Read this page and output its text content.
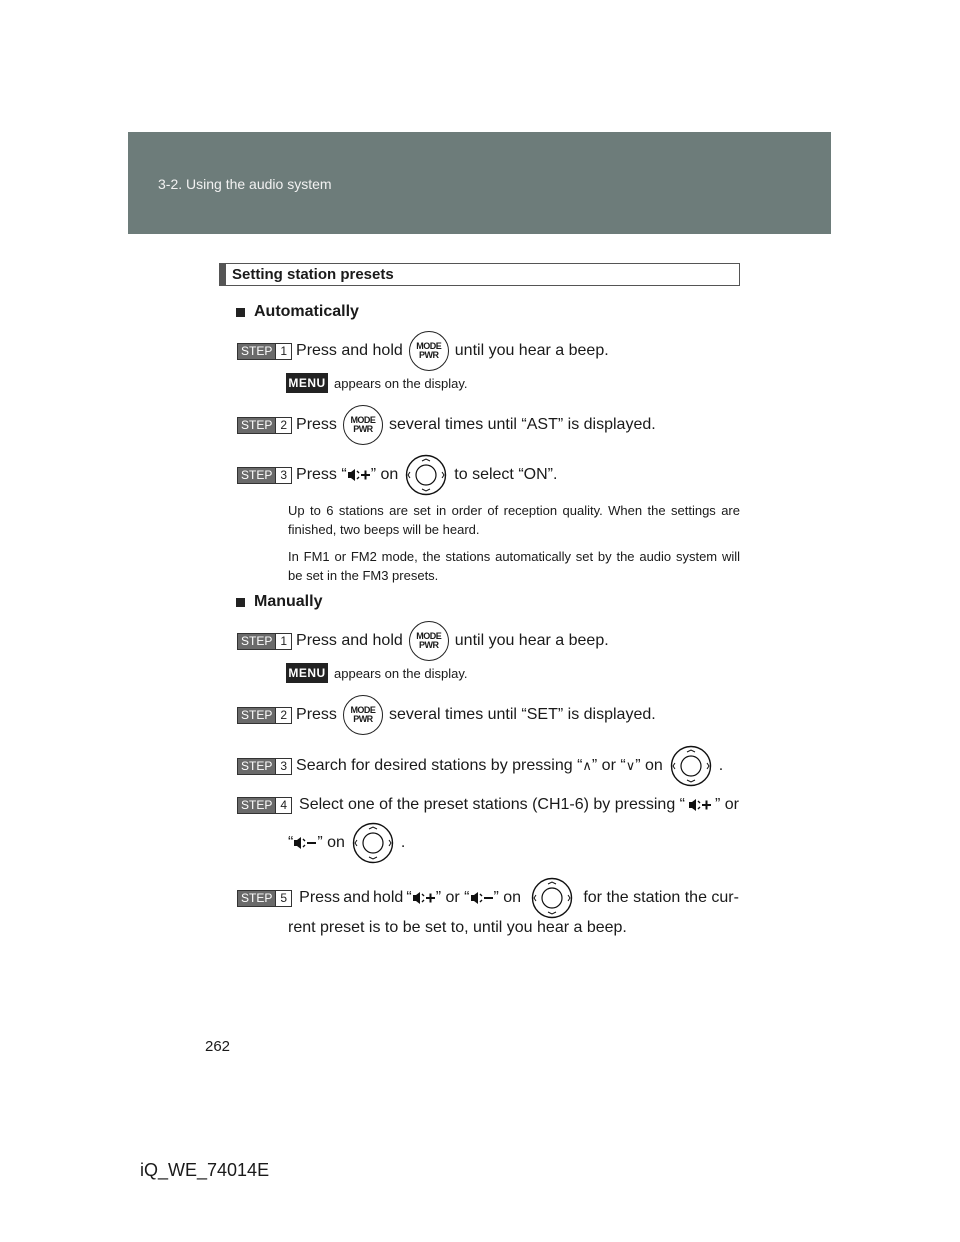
3-2. Using the audio system
Setting station presets
Automatically
STEP 1 Press and hold MODE
PWR until you hear a beep.
MENU appears on the display.
STEP 2 Press MODE
PWR several times until “AST” is displayed.
STEP 3 Press “ ” on	to select “ON”.
Up to 6 stations are set in order of reception quality. When the settings are finished, two beeps will be heard.
In FM1 or FM2 mode, the stations automatically set by the audio system will be set in the FM3 presets.
Manually
STEP 1 Press and hold MODE
PWR until you hear a beep.
MENU appears on the display.
STEP 2 Press MODE
PWR several times until “SET” is displayed.
STEP 3 Search for desired stations by pressing “ ∧ ” or “ ∨ ” on	.
STEP 4 Select one of the preset stations (CH1-6) by pressing “ ” or
“ ” on	.
STEP 5 Press and hold “ ” or “ ” on	for the station the cur-
rent preset is to be set to, until you hear a beep.
262
iQ_WE_74014E
